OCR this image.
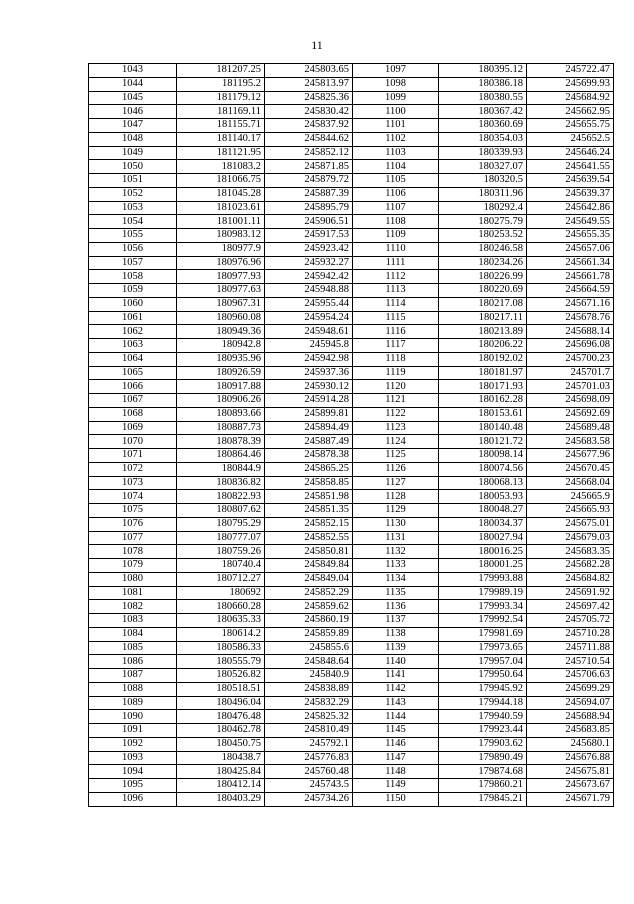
11
1043	181207.25	245803.65	1097	180395.12	245722.47
1044	181195.2	245813.97	1098	180386.18	245699.93
1045	181179.12	245825.36	1099	180380.55	245684.92
1046	181169.11	245830.42	1100	180367.42	245662.95
1047	181155.71	245837.92	1101	180360.69	245655.75
1048	181140.17	245844.62	1102	180354.03	245652.5
1049	181121.95	245852.12	1103	180339.93	245646.24
1050	181083.2	245871.85	1104	180327.07	245641.55
1051	181066.75	245879.72	1105	180320.5	245639.54
1052	181045.28	245887.39	1106	180311.96	245639.37
1053	181023.61	245895.79	1107	180292.4	245642.86
1054	181001.11	245906.51	1108	180275.79	245649.55
1055	180983.12	245917.53	1109	180253.52	245655.35
1056	180977.9	245923.42	1110	180246.58	245657.06
1057	180976.96	245932.27	1111	180234.26	245661.34
1058	180977.93	245942.42	1112	180226.99	245661.78
1059	180977.63	245948.88	1113	180220.69	245664.59
1060	180967.31	245955.44	1114	180217.08	245671.16
1061	180960.08	245954.24	1115	180217.11	245678.76
1062	180949.36	245948.61	1116	180213.89	245688.14
1063	180942.8	245945.8	1117	180206.22	245696.08
1064	180935.96	245942.98	1118	180192.02	245700.23
1065	180926.59	245937.36	1119	180181.97	245701.7
1066	180917.88	245930.12	1120	180171.93	245701.03
1067	180906.26	245914.28	1121	180162.28	245698.09
1068	180893.66	245899.81	1122	180153.61	245692.69
1069	180887.73	245894.49	1123	180140.48	245689.48
1070	180878.39	245887.49	1124	180121.72	245683.58
1071	180864.46	245878.38	1125	180098.14	245677.96
1072	180844.9	245865.25	1126	180074.56	245670.45
1073	180836.82	245858.85	1127	180068.13	245668.04
1074	180822.93	245851.98	1128	180053.93	245665.9
1075	180807.62	245851.35	1129	180048.27	245665.93
1076	180795.29	245852.15	1130	180034.37	245675.01
1077	180777.07	245852.55	1131	180027.94	245679.03
1078	180759.26	245850.81	1132	180016.25	245683.35
1079	180740.4	245849.84	1133	180001.25	245682.28
1080	180712.27	245849.04	1134	179993.88	245684.82
1081	180692	245852.29	1135	179989.19	245691.92
1082	180660.28	245859.62	1136	179993.34	245697.42
1083	180635.33	245860.19	1137	179992.54	245705.72
1084	180614.2	245859.89	1138	179981.69	245710.28
1085	180586.33	245855.6	1139	179973.65	245711.88
1086	180555.79	245848.64	1140	179957.04	245710.54
1087	180526.82	245840.9	1141	179950.64	245706.63
1088	180518.51	245838.89	1142	179945.92	245699.29
1089	180496.04	245832.29	1143	179944.18	245694.07
1090	180476.48	245825.32	1144	179940.59	245688.94
1091	180462.78	245810.49	1145	179923.44	245683.85
1092	180450.75	245792.1	1146	179903.62	245680.1
1093	180438.7	245776.83	1147	179890.49	245676.88
1094	180425.84	245760.48	1148	179874.68	245675.81
1095	180412.14	245743.5	1149	179860.21	245673.67
1096	180403.29	245734.26	1150	179845.21	245671.79
